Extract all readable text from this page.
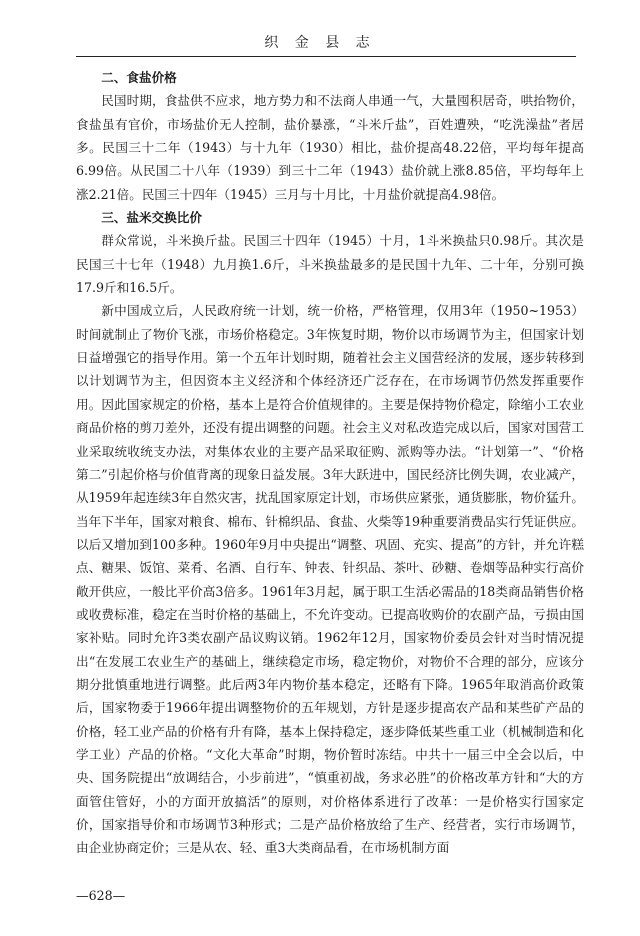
织 金 县 志
二、食盐价格

民国时期，食盐供不应求，地方势力和不法商人串通一气，大量囤积居奇，哄抬物价，食盐虽有官价，市场盐价无人控制，盐价暴涨，“斗米斤盐”，百姓遭殃，“吃洗澡盐”者居多。民国三十二年（1943）与十九年（1930）相比，盐价提高48.22倍，平均每年提高6.99倍。从民国二十八年（1939）到三十二年（1943）盐价就上涨8.85倍，平均每年上涨2.21倍。民国三十四年（1945）三月与十月比，十月盐价就提高4.98倍。

三、盐米交换比价

群众常说，斗米换斤盐。民国三十四年（1945）十月，1斗米换盐只0.98斤。其次是民国三十七年（1948）九月换1.6斤，斗米换盐最多的是民国十九年、二十年，分别可换17.9斤和16.5斤。

新中国成立后，人民政府统一计划，统一价格，严格管理，仅用3年（1950~1953）时间就制止了物价飞涨，市场价格稳定。3年恢复时期，物价以市场调节为主，但国家计划日益增强它的指导作用。第一个五年计划时期，随着社会主义国营经济的发展，逐步转移到以计划调节为主，但因资本主义经济和个体经济还广泛存在，在市场调节仍然发挥重要作用。因此国家规定的价格，基本上是符合价值规律的。主要是保持物价稳定，除缩小工农业商品价格的剪刀差外，还没有提出调整的问题。社会主义对私改造完成以后，国家对国营工业采取统收统支办法，对集体农业的主要产品采取征购、派购等办法。“计划第一”、“价格第二”引起价格与价值背离的现象日益发展。3年大跃进中，国民经济比例失调，农业减产，从1959年起连续3年自然灾害，扰乱国家原定计划，市场供应紧张，通货膨胀，物价猛升。当年下半年，国家对粮食、棉布、针棉织品、食盐、火柴等19种重要消费品实行凭证供应。以后又增加到100多种。1960年9月中央提出“调整、巩固、充实、提高”的方针，并允许糕点、糖果、饭馆、菜肴、名酒、自行车、钟表、针织品、茶叶、砂糖、卷烟等品种实行高价敞开供应，一般比平价高3倍多。1961年3月起，属于职工生活必需品的18类商品销售价格或收费标准，稳定在当时价格的基础上，不允许变动。已提高收购价的农副产品，亏损由国家补贴。同时允许3类农副产品议购议销。1962年12月，国家物价委员会针对当时情况提出“在发展工农业生产的基础上，继续稳定市场，稳定物价，对物价不合理的部分，应该分期分批慎重地进行调整。此后两3年内物价基本稳定，还略有下降。1965年取消高价政策后，国家物委于1966年提出调整物价的五年规划，方针是逐步提高农产品和某些矿产品的价格，轻工业产品的价格有升有降，基本上保持稳定，逐步降低某些重工业（机械制造和化学工业）产品的价格。“文化大革命”时期，物价暂时冻结。中共十一届三中全会以后，中央、国务院提出“放调结合，小步前进”，“慎重初战，务求必胜”的价格改革方针和“大的方面管住管好，小的方面开放搞活”的原则，对价格体系进行了改革：一是价格实行国家定价，国家指导价和市场调节3种形式；二是产品价格放给了生产、经营者，实行市场调节，由企业协商定价；三是从农、轻、重3大类商品看，在市场机制方面

—628—
